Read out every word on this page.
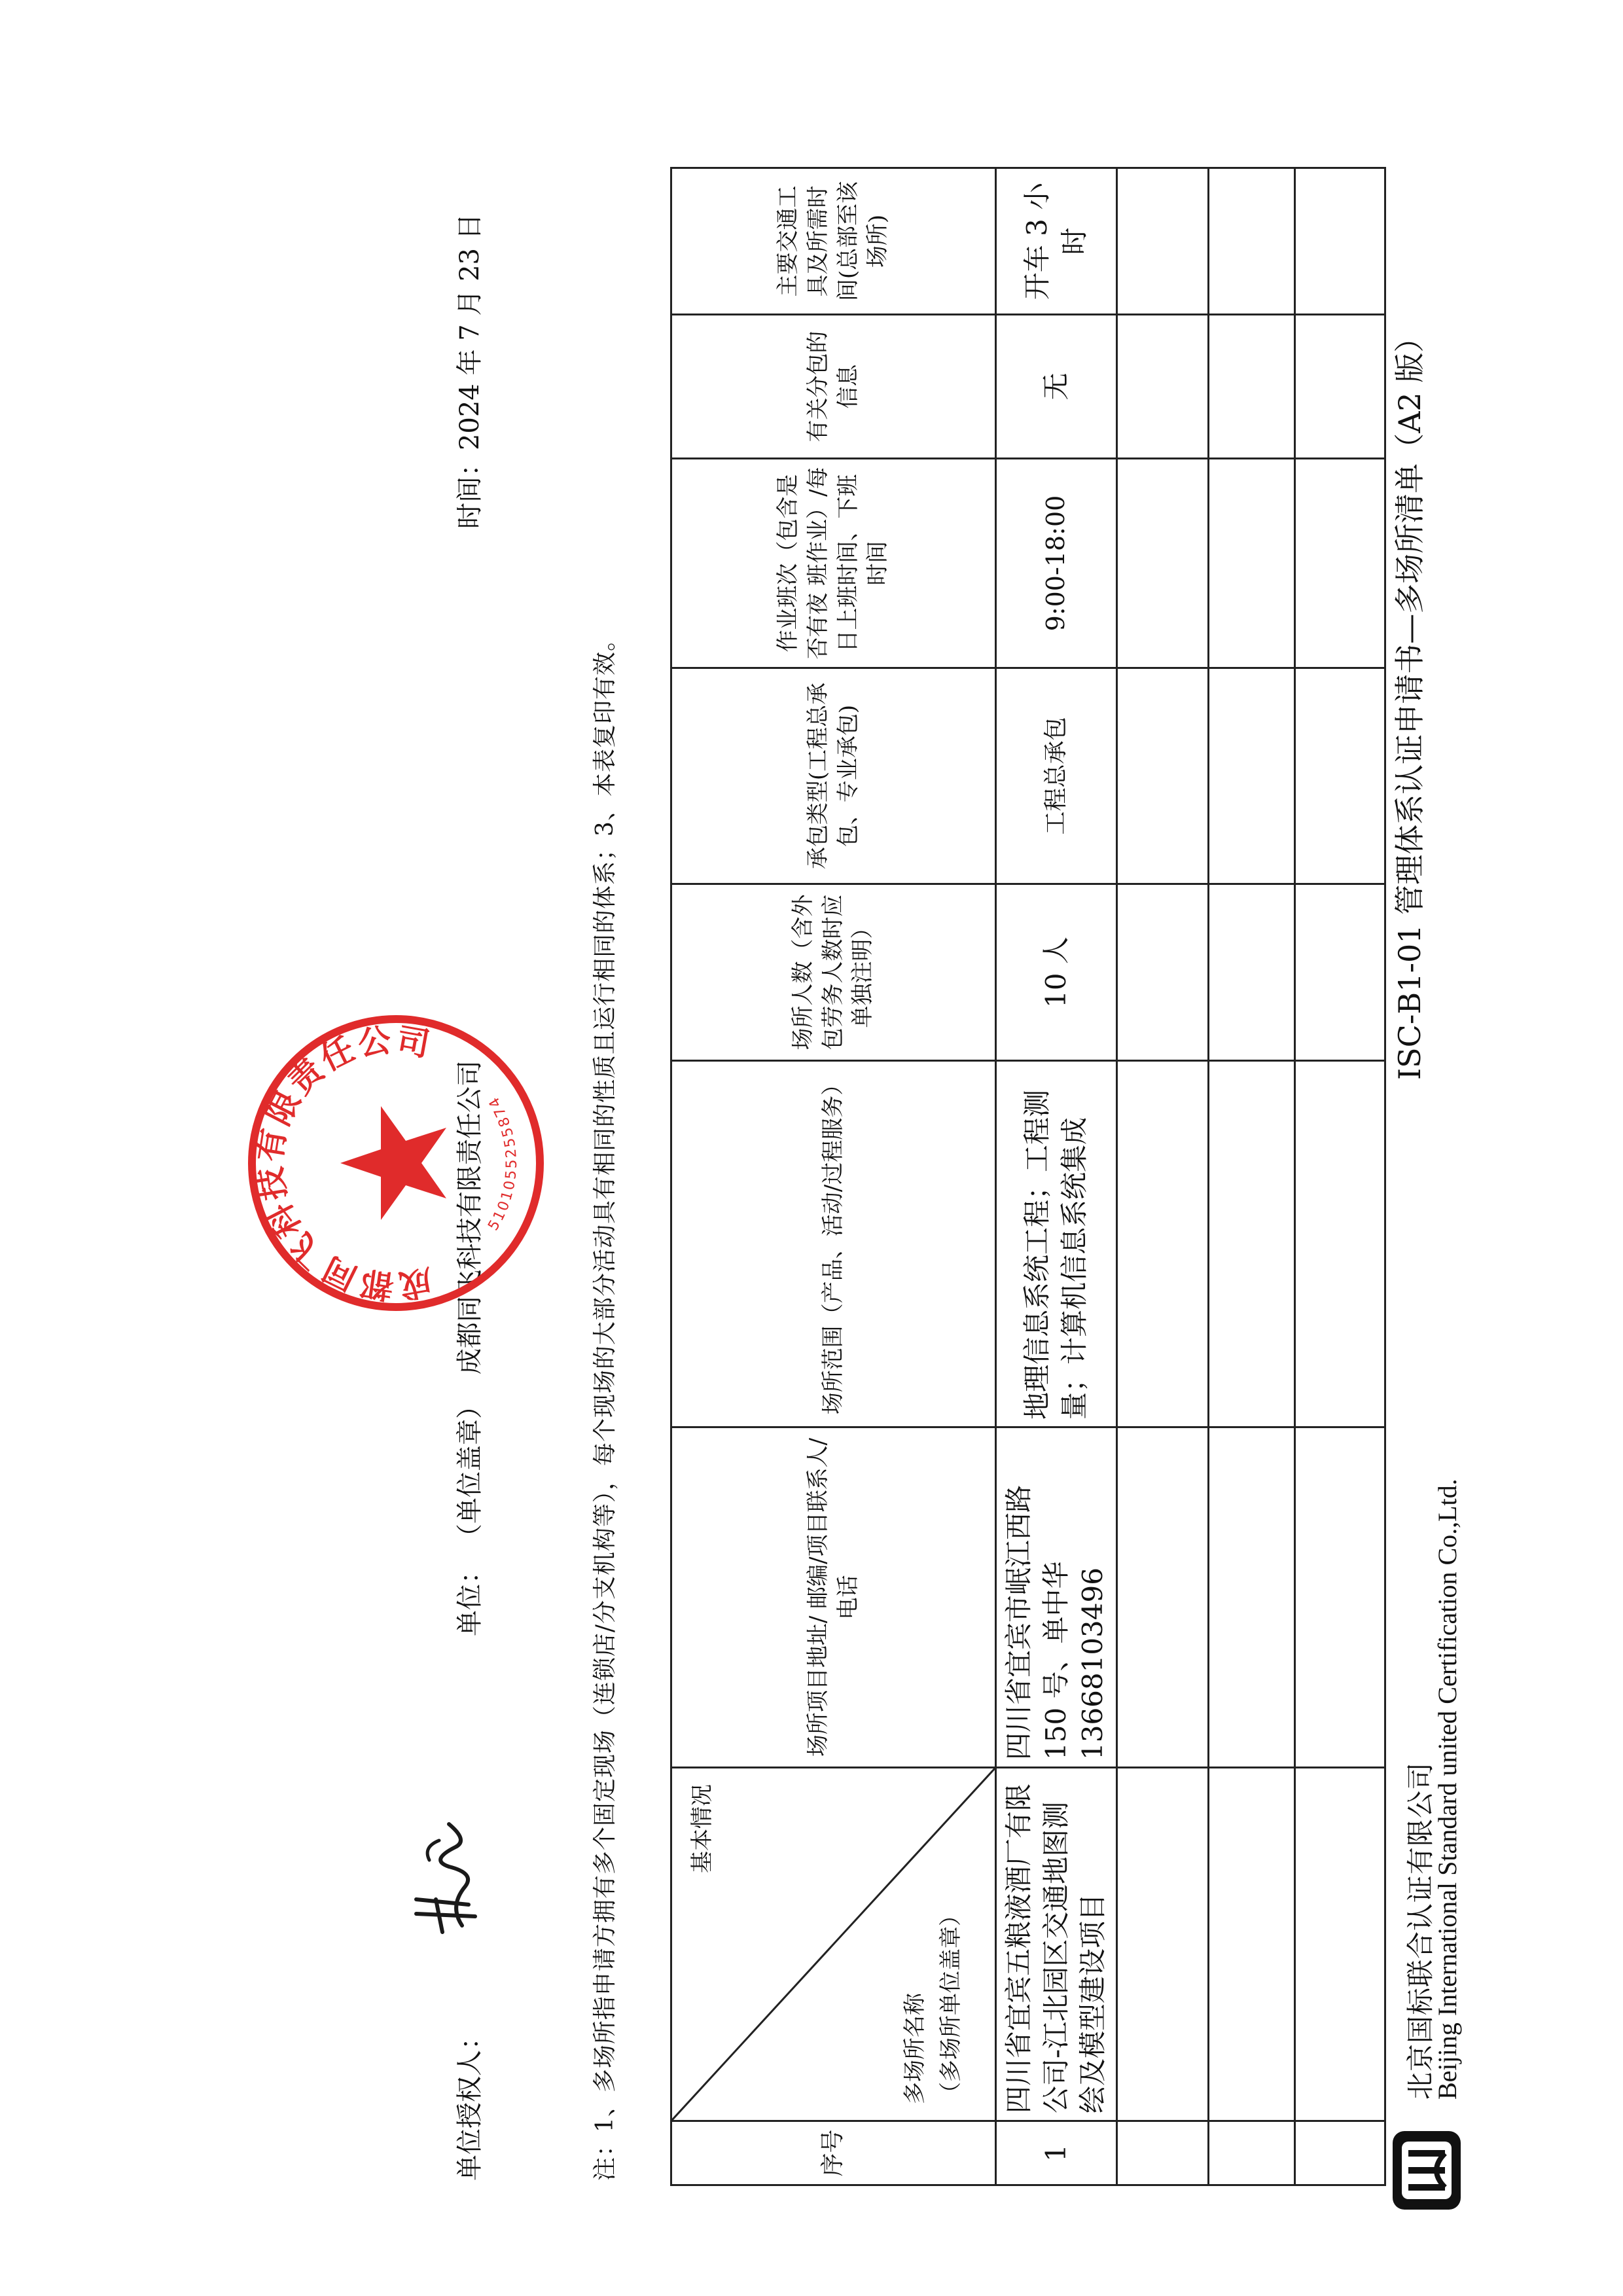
北京国标联合认证有限公司
Beijing International Standard united Certification Co.,Ltd.
ISC-B1-01 管理体系认证申请书—多场所清单（A2 版）
序号	基本情况
多场所名称 （多场所单位盖章）	场所项目地址/ 邮编/项目联系人/电话	场所范围（产品、活动/过程服务）	场所人数（含外包劳务人数时应单独注明）	承包类型(工程总承包、专业承包)	作业班次（包含是否有夜 班作业）/每日上班时间、下班时间	有关分包的信息	主要交通工具及所需时间(总部至该场所)
1	四川省宜宾五粮液酒厂有限公司-江北园区交通地图测绘及模型建设项目	四川省宜宾市岷江西路 150 号、单中华 13668103496	地理信息系统工程；工程测量；计算机信息系统集成	10 人	工程总承包	9:00-18:00	无	开车 3 小时

注：1、多场所指申请方拥有多个固定现场（连锁店/分支机构等），每个现场的大部分活动具有相同的性质且运行相同的体系；3、本表复印有效。
单位授权人：
单位：
（单位盖章）
成都同飞科技有限责任公司
时间：2024 年 7 月 23 日
成都同飞科技有限责任公司
5101055255874
